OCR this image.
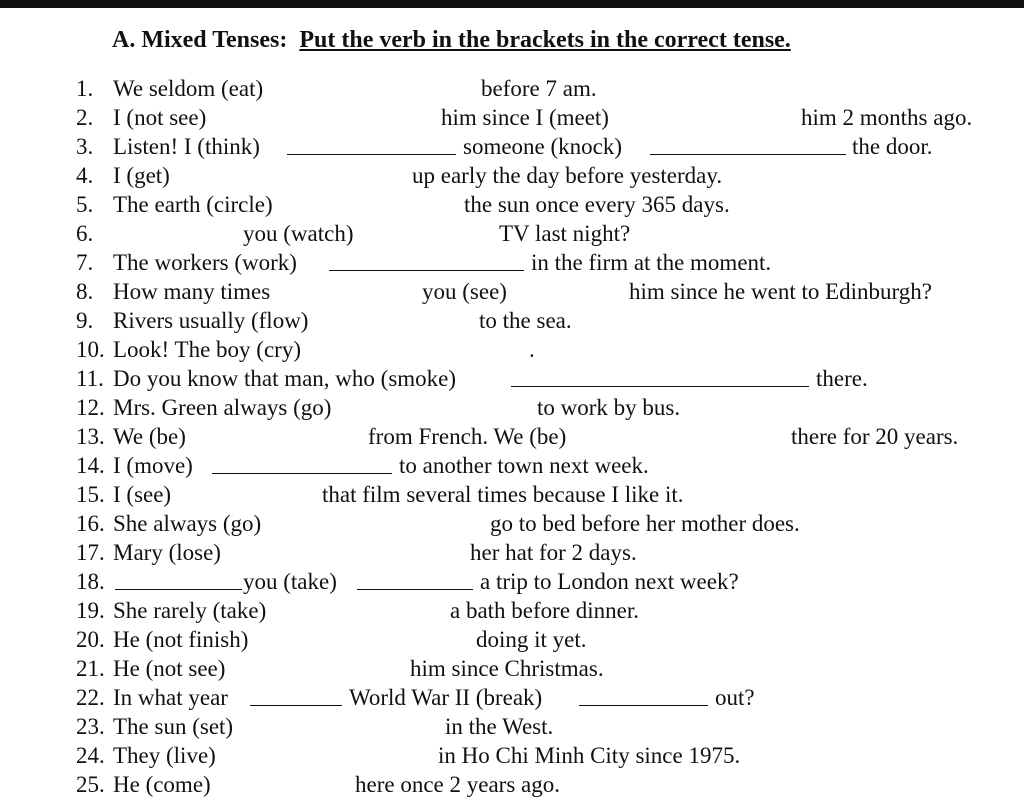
A. Mixed Tenses: Put the verb in the brackets in the correct tense.
1. We seldom (eat)	before 7 am.
2. I (not see)	him since I (meet)	him 2 months ago.
3. Listen! I (think)	someone (knock)	the door.
4. I (get)	up early the day before yesterday.
5. The earth (circle)	the sun once every 365 days.
6.	you (watch)	TV last night?
7. The workers (work)	in the firm at the moment.
8. How many times	you (see)	him since he went to Edinburgh?
9. Rivers usually (flow)	to the sea.
10. Look! The boy (cry)	.
11. Do you know that man, who (smoke)	there.
12. Mrs. Green always (go)	to work by bus.
13. We (be)	from French. We (be)	there for 20 years.
14. I (move)	to another town next week.
15. I (see)	that film several times because I like it.
16. She always (go)	go to bed before her mother does.
17. Mary (lose)	her hat for 2 days.
18.	you (take)	a trip to London next week?
19. She rarely (take)	a bath before dinner.
20. He (not finish)	doing it yet.
21. He (not see)	him since Christmas.
22. In what year	World War II (break)	out?
23. The sun (set)	in the West.
24. They (live)	in Ho Chi Minh City since 1975.
25. He (come)	here once 2 years ago.
